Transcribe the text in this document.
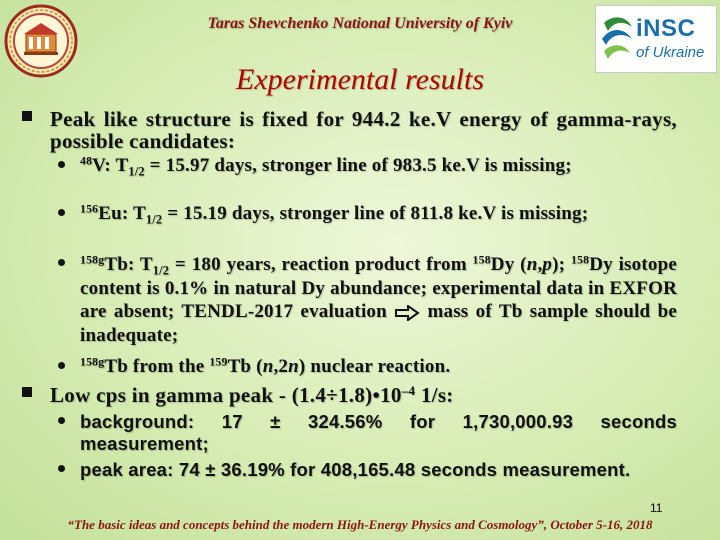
Taras Shevchenko National University of Kyiv	iNSC
of Ukraine
Experimental results
Peak like structure is fixed for 944.2 ke.V energy of gamma-rays, possible candidates:
$^{48}$V: $T_{1/2} = 15.97$ days, stronger line of 983.5 ke.V is missing;
$^{156}$Eu: $T_{1/2} = 15.19$ days, stronger line of 811.8 ke.V is missing;
$^{158g}$Tb: $T_{1/2} = 180$ years, reaction product from $^{158}$Dy (n,p); $^{158}$Dy isotope content is 0.1% in natural Dy abundance; experimental data in EXFOR are absent; TENDL-2017 evaluation  mass of Tb sample should be inadequate;
$^{158g}$Tb from the $^{159}$Tb (n,2n) nuclear reaction.
Low cps in gamma peak - $(1.4\div 1.8)•10^{-4}$ 1/s:
background: 17 ± 324.56% for 1,730,000.93 seconds measurement;
peak area: 74 ± 36.19% for 408,165.48 seconds measurement.
11
“The basic ideas and concepts behind the modern High-Energy Physics and Cosmology”, October 5-16, 2018
